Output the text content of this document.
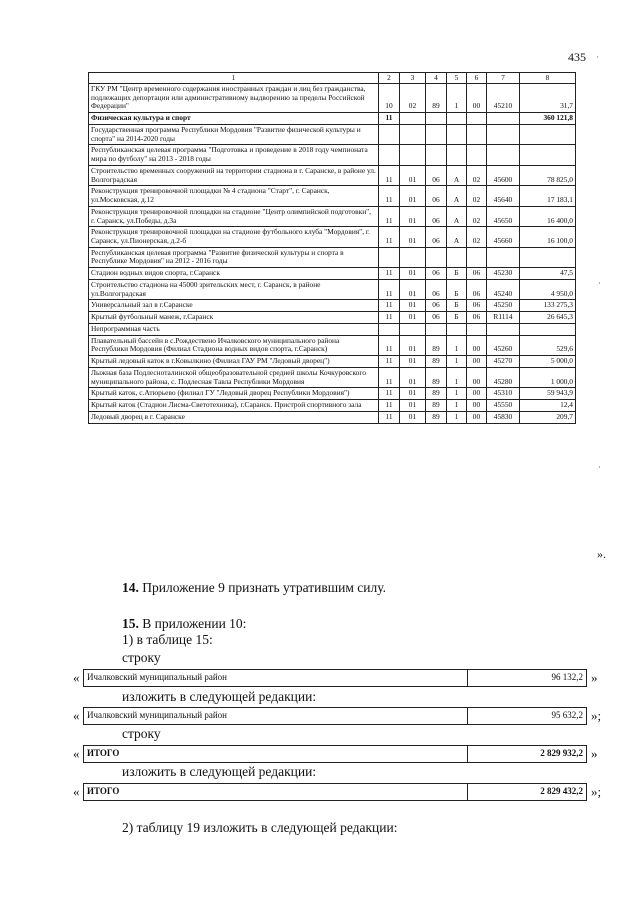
435 ·
·
·
1	2	3	4	5	6	7	8
ГКУ РМ "Центр временного содержания иностранных граждан и лиц без гражданства, подлежащих депортации или административному выдворению за пределы Российской Федерации"	10	02	89	1	00	45210	31,7
Физическая культура и спорт	11						360 121,8
Государственная программа Республики Мордовия "Развитие физической культуры и спорта" на 2014-2020 годы							
Республиканская целевая программа "Подготовка и проведение в 2018 году чемпионата мира по футболу" на 2013 - 2018 годы							
Строительство временных сооружений на территории стадиона в г. Саранске, в районе ул. Волгоградская	11	01	06	А	02	45600	78 825,0
Реконструкция тренировочной площадки № 4 стадиона "Старт", г. Саранск, ул.Московская, д.12	11	01	06	А	02	45640	17 183,1
Реконструкция тренировочной площадки на стадионе "Центр олимпийской подготовки", г. Саранск, ул.Победы, д.3а	11	01	06	А	02	45650	16 400,0
Реконструкция тренировочной площадки на стадионе футбольного клуба "Мордовия", г. Саранск, ул.Пионерская, д.2-б	11	01	06	А	02	45660	16 100,0
Республиканская целевая программа "Развитие физической культуры и спорта в Республике Мордовия" на 2012 - 2016 годы							
Стадион водных видов спорта, г.Саранск	11	01	06	Б	06	45230	47,5
Строительство стадиона на 45000 зрительских мест, г. Саранск, в районе ул.Волгоградская	11	01	06	Б	06	45240	4 950,0
Универсальный зал в г.Саранске	11	01	06	Б	06	45250	133 275,3
Крытый футбольный манеж, г.Саранск	11	01	06	Б	06	R1114	26 645,3
Непрограммная часть							
Плавательный бассейн в с.Рождествено Ичалковского муниципального района Республики Мордовия (Филиал Стадиона водных видов спорта, г.Саранск)	11	01	89	1	00	45260	529,6
Крытый ледовый каток в г.Ковылкино (Филиал ГАУ РМ "Ледовый дворец")	11	01	89	1	00	45270	5 000,0
Лыжная база Подлесноталинской общеобразовательной средней школы Кочкуровского муниципального района, с. Подлесная Тавла Республики Мордовия	11	01	89	1	00	45280	1 000,0
Крытый каток, с.Атюрьево (филиал ГУ "Ледовый дворец Республики Мордовия")	11	01	89	1	00	45310	59 943,9
Крытый каток (Стадион Лисма-Светотехника), г.Саранск. Пристрой спортивного зала	11	01	89	1	00	45550	12,4
Ледовый дворец в г. Саранске	11	01	89	1	00	45830	209,7
».
14. Приложение 9 признать утратившим силу.
15. В приложении 10:
1) в таблице 15:
строку
« Ичалковский муниципальный район	96 132,2 »
изложить в следующей редакции:
« Ичалковский муниципальный район	95 632,2 »;
строку
« ИТОГО	2 829 932,2 »
изложить в следующей редакции:
« ИТОГО	2 829 432,2 »;
2) таблицу 19 изложить в следующей редакции:
